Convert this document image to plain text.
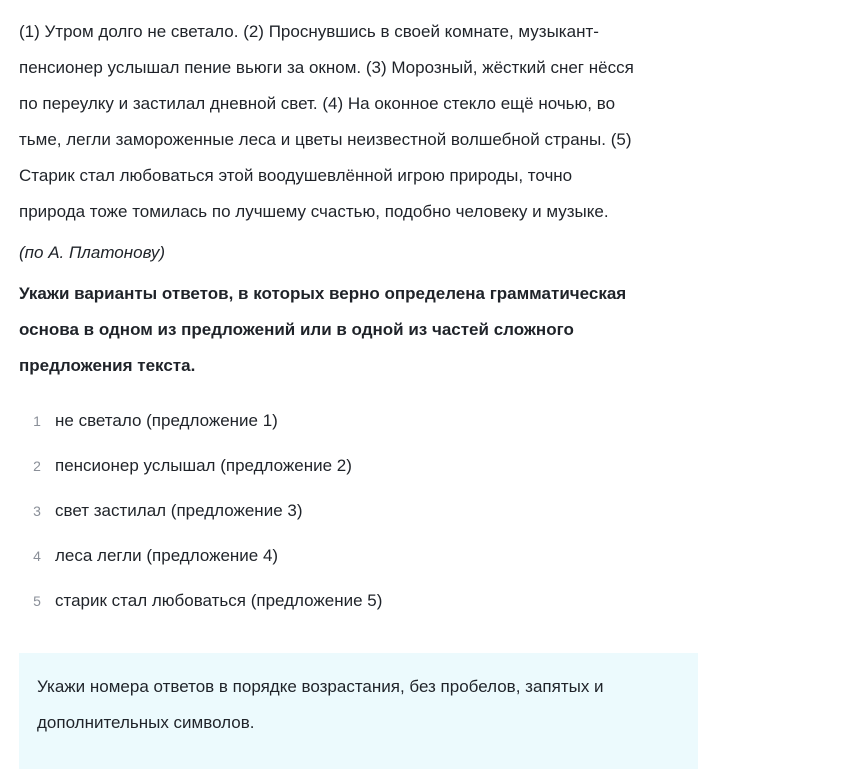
(1) Утром долго не светало. (2) Проснувшись в своей комнате, музыкант-
пенсионер услышал пение вьюги за окном. (3) Морозный, жёсткий снег нёсся
по переулку и застилал дневной свет. (4) На оконное стекло ещё ночью, во
тьме, легли замороженные леса и цветы неизвестной волшебной страны. (5)
Старик стал любоваться этой воодушевлённой игрою природы, точно
природа тоже томилась по лучшему счастью, подобно человеку и музыке.

(по А. Платонову)

Укажи варианты ответов, в которых верно определена грамматическая
основа в одном из предложений или в одной из частей сложного
предложения текста.

1 не светало (предложение 1)
2 пенсионер услышал (предложение 2)
3 свет застилал (предложение 3)
4 леса легли (предложение 4)
5 старик стал любоваться (предложение 5)
Укажи номера ответов в порядке возрастания, без пробелов, запятых и
дополнительных символов.
